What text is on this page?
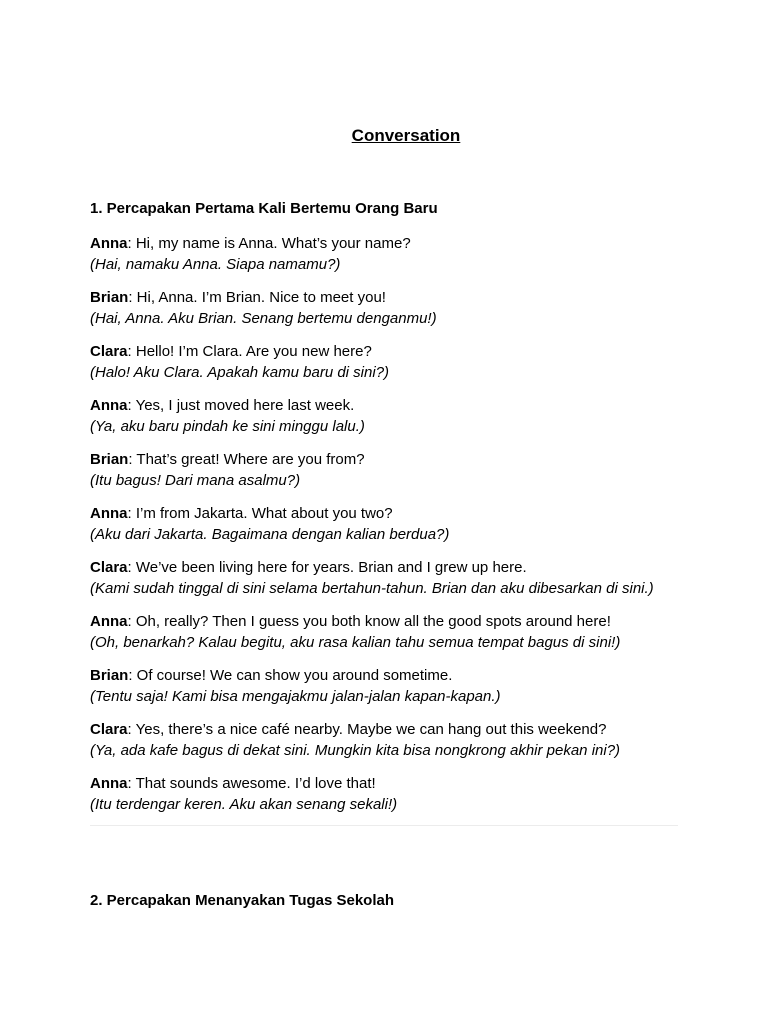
Conversation
1. Percapakan Pertama Kali Bertemu Orang Baru
Anna: Hi, my name is Anna. What’s your name?
(Hai, namaku Anna. Siapa namamu?)
Brian: Hi, Anna. I’m Brian. Nice to meet you!
(Hai, Anna. Aku Brian. Senang bertemu denganmu!)
Clara: Hello! I’m Clara. Are you new here?
(Halo! Aku Clara. Apakah kamu baru di sini?)
Anna: Yes, I just moved here last week.
(Ya, aku baru pindah ke sini minggu lalu.)
Brian: That’s great! Where are you from?
(Itu bagus! Dari mana asalmu?)
Anna: I’m from Jakarta. What about you two?
(Aku dari Jakarta. Bagaimana dengan kalian berdua?)
Clara: We’ve been living here for years. Brian and I grew up here.
(Kami sudah tinggal di sini selama bertahun-tahun. Brian dan aku dibesarkan di sini.)
Anna: Oh, really? Then I guess you both know all the good spots around here!
(Oh, benarkah? Kalau begitu, aku rasa kalian tahu semua tempat bagus di sini!)
Brian: Of course! We can show you around sometime.
(Tentu saja! Kami bisa mengajakmu jalan-jalan kapan-kapan.)
Clara: Yes, there’s a nice café nearby. Maybe we can hang out this weekend?
(Ya, ada kafe bagus di dekat sini. Mungkin kita bisa nongkrong akhir pekan ini?)
Anna: That sounds awesome. I’d love that!
(Itu terdengar keren. Aku akan senang sekali!)
2. Percapakan Menanyakan Tugas Sekolah
